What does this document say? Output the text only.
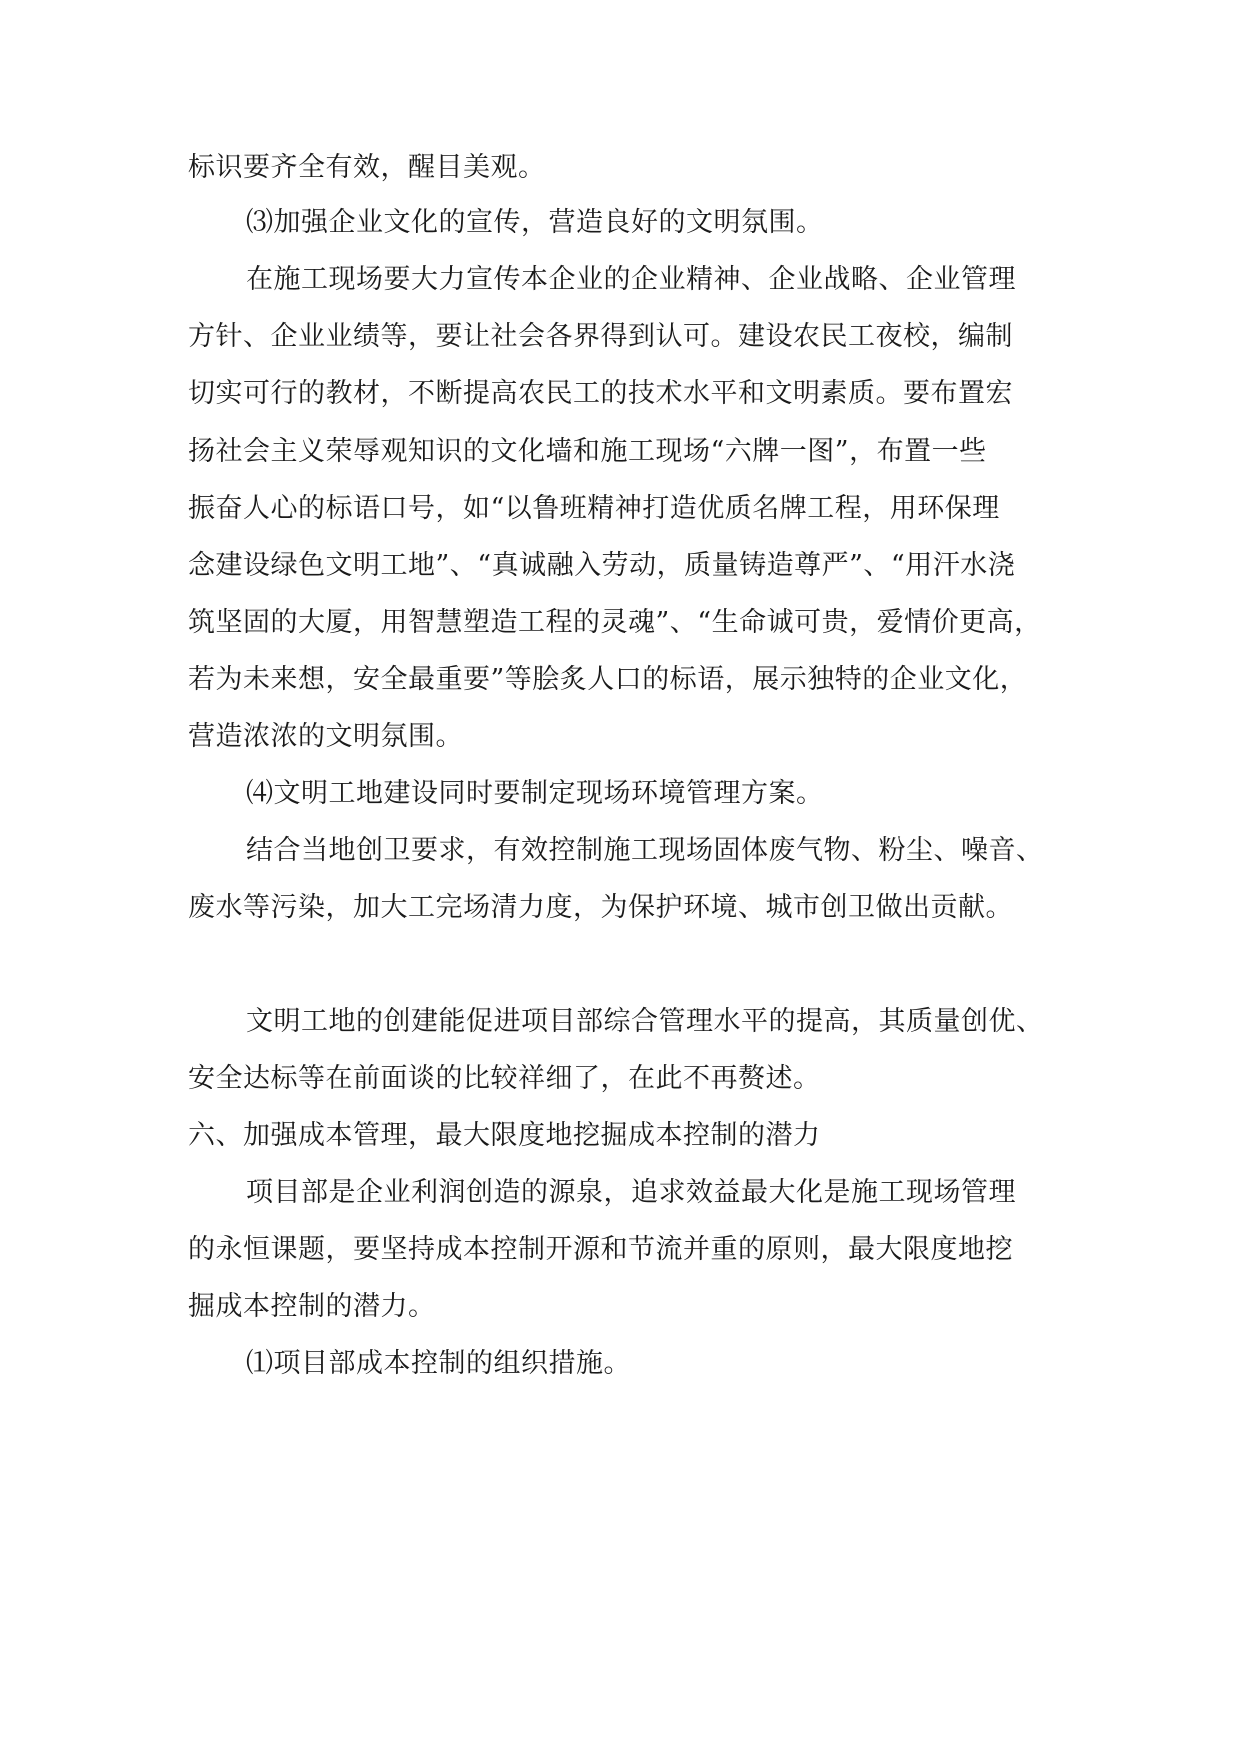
标识要齐全有效，醒目美观。
⑶加强企业文化的宣传，营造良好的文明氛围。
在施工现场要大力宣传本企业的企业精神、企业战略、企业管理
方针、企业业绩等，要让社会各界得到认可。建设农民工夜校，编制
切实可行的教材，不断提高农民工的技术水平和文明素质。要布置宏
扬社会主义荣辱观知识的文化墙和施工现场“六牌一图”，布置一些
振奋人心的标语口号，如“以鲁班精神打造优质名牌工程，用环保理
念建设绿色文明工地”、“真诚融入劳动，质量铸造尊严”、“用汗水浇
筑坚固的大厦，用智慧塑造工程的灵魂”、“生命诚可贵，爱情价更高，
若为未来想，安全最重要”等脍炙人口的标语，展示独特的企业文化，
营造浓浓的文明氛围。
⑷文明工地建设同时要制定现场环境管理方案。
结合当地创卫要求，有效控制施工现场固体废气物、粉尘、噪音、
废水等污染，加大工完场清力度，为保护环境、城市创卫做出贡献。
文明工地的创建能促进项目部综合管理水平的提高，其质量创优、
安全达标等在前面谈的比较祥细了，在此不再赘述。
六、加强成本管理，最大限度地挖掘成本控制的潜力
项目部是企业利润创造的源泉，追求效益最大化是施工现场管理
的永恒课题，要坚持成本控制开源和节流并重的原则，最大限度地挖
掘成本控制的潜力。
⑴项目部成本控制的组织措施。
